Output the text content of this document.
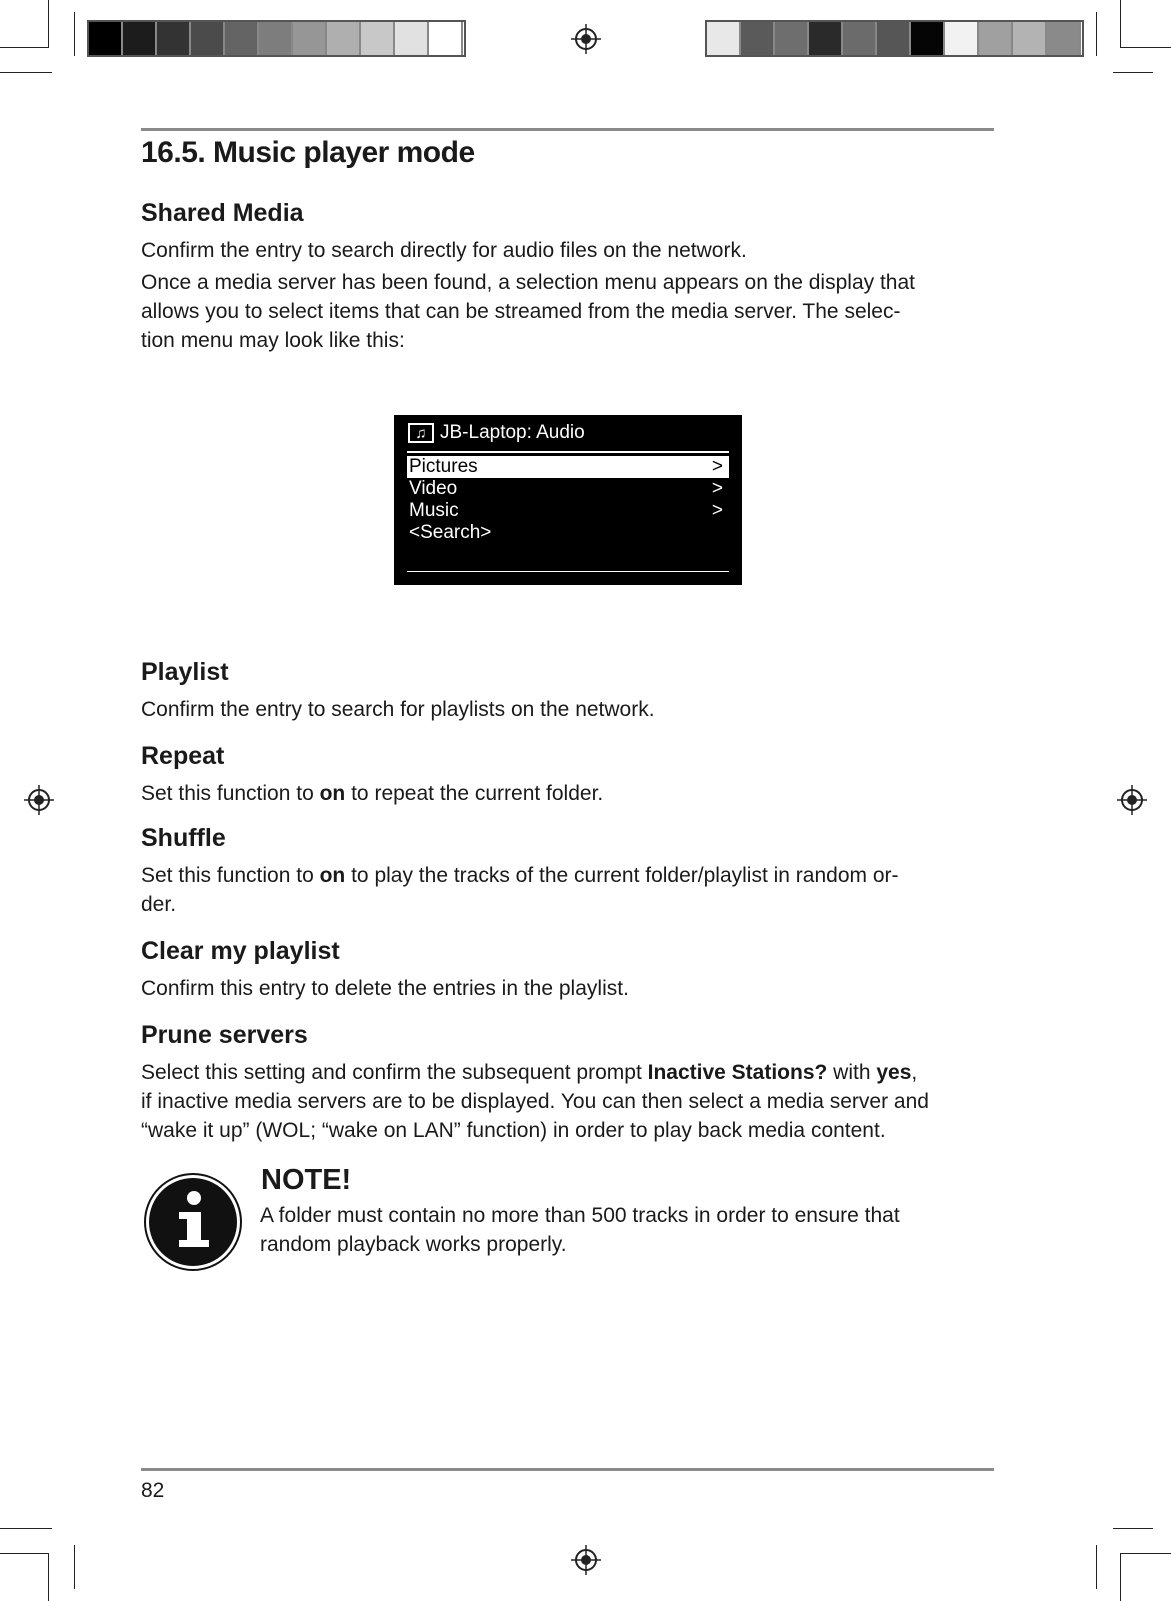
16.5. Music player mode
Shared Media

Confirm the entry to search directly for audio files on the network.

Once a media server has been found, a selection menu appears on the display that

allows you to select items that can be streamed from the media server. The selec-

tion menu may look like this:

♫ JB-Laptop: Audio
Pictures	>
Video	>
Music	>
<Search>
Playlist

Confirm the entry to search for playlists on the network.

Repeat

Set this function to on to repeat the current folder.

Shuffle

Set this function to on to play the tracks of the current folder/playlist in random or-

der.

Clear my playlist

Confirm this entry to delete the entries in the playlist.

Prune servers

Select this setting and confirm the subsequent prompt Inactive Stations? with yes,

if inactive media servers are to be displayed. You can then select a media server and

“wake it up” (WOL; “wake on LAN” function) in order to play back media content.

NOTE!

A folder must contain no more than 500 tracks in order to ensure that

random playback works properly.

82
